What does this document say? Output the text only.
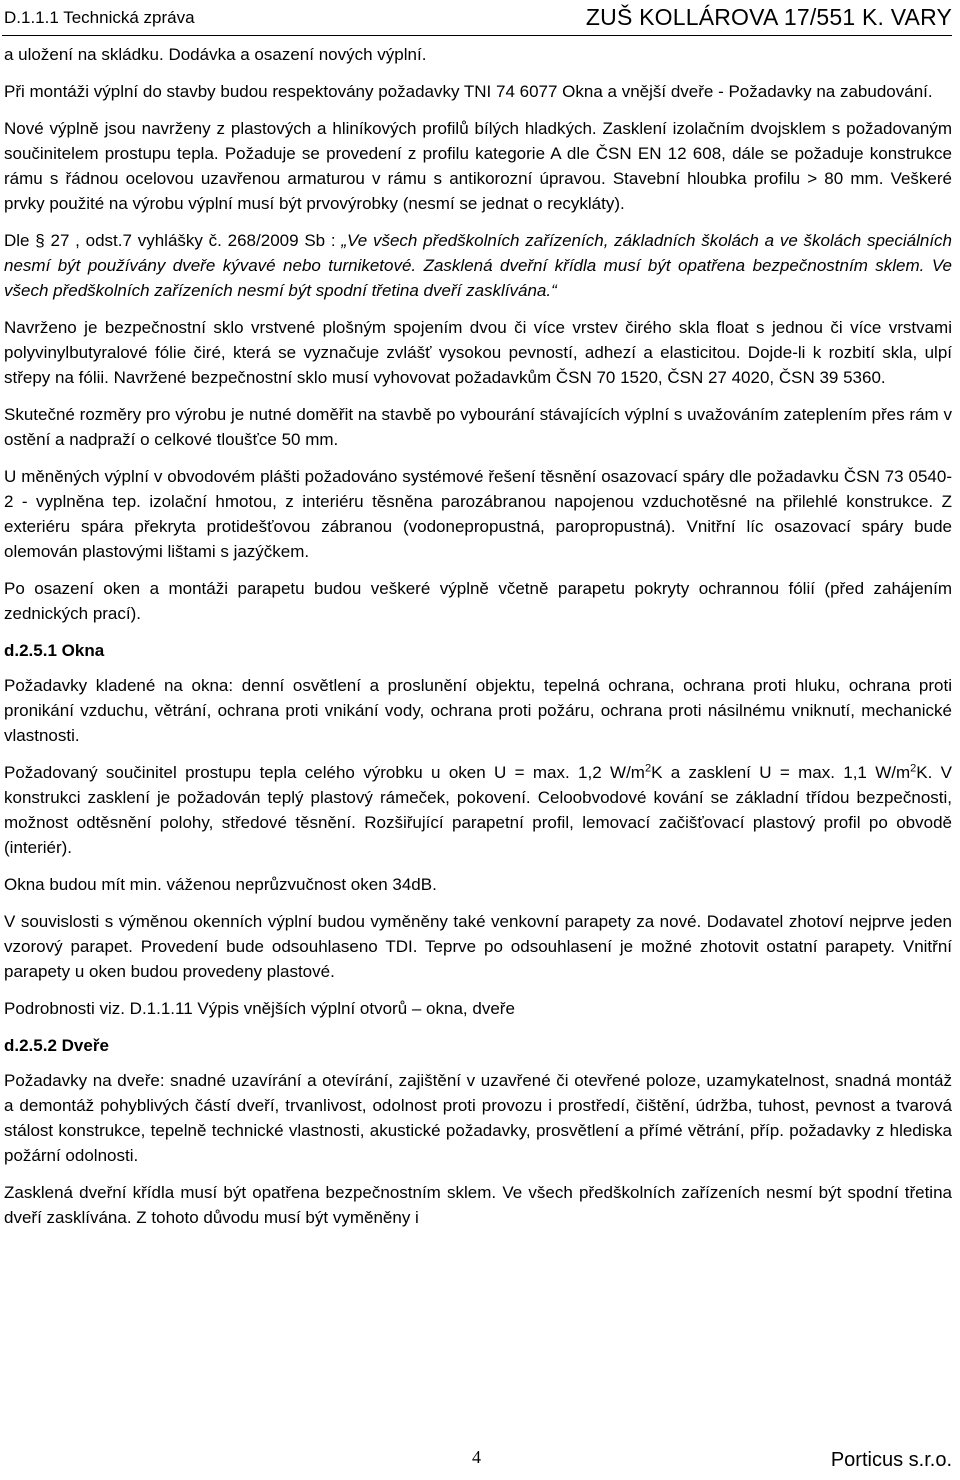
D.1.1.1 Technická zpráva	ZUŠ KOLLÁROVA 17/551 K. VARY

a uložení na skládku. Dodávka a osazení nových výplní.

Při montáži výplní do stavby budou respektovány požadavky TNI 74 6077 Okna a vnější dveře - Požadavky na zabudování.

Nové výplně jsou navrženy z plastových a hliníkových profilů bílých hladkých. Zasklení izolačním dvojsklem s požadovaným součinitelem prostupu tepla. Požaduje se provedení z profilu kategorie A dle ČSN EN 12 608, dále se požaduje konstrukce rámu s řádnou ocelovou uzavřenou armaturou v rámu s antikorozní úpravou. Stavební hloubka profilu > 80 mm. Veškeré prvky použité na výrobu výplní musí být prvovýrobky (nesmí se jednat o recykláty).

Dle § 27 , odst.7 vyhlášky č. 268/2009 Sb : „Ve všech předškolních zařízeních, základních školách a ve školách speciálních nesmí být používány dveře kývavé nebo turniketové. Zasklená dveřní křídla musí být opatřena bezpečnostním sklem. Ve všech předškolních zařízeních nesmí být spodní třetina dveří zasklívána.“

Navrženo je bezpečnostní sklo vrstvené plošným spojením dvou či více vrstev čirého skla float s jednou či více vrstvami polyvinylbutyralové fólie čiré, která se vyznačuje zvlášť vysokou pevností, adhezí a elasticitou. Dojde-li k rozbití skla, ulpí střepy na fólii. Navržené bezpečnostní sklo musí vyhovovat požadavkům ČSN 70 1520, ČSN 27 4020, ČSN 39 5360.

Skutečné rozměry pro výrobu je nutné doměřit na stavbě po vybourání stávajících výplní s uvažováním zateplením přes rám v ostění a nadpraží o celkové tloušťce 50 mm.

U měněných výplní v obvodovém plášti požadováno systémové řešení těsnění osazovací spáry dle požadavku ČSN 73 0540-2 - vyplněna tep. izolační hmotou, z interiéru těsněna parozábranou napojenou vzduchotěsné na přilehlé konstrukce. Z exteriéru spára překryta protidešťovou zábranou (vodonepropustná, paropropustná). Vnitřní líc osazovací spáry bude olemován plastovými lištami s jazýčkem.

Po osazení oken a montáži parapetu budou veškeré výplně včetně parapetu pokryty ochrannou fólií (před zahájením zednických prací).

d.2.5.1 Okna

Požadavky kladené na okna: denní osvětlení a proslunění objektu, tepelná ochrana, ochrana proti hluku, ochrana proti pronikání vzduchu, větrání, ochrana proti vnikání vody, ochrana proti požáru, ochrana proti násilnému vniknutí, mechanické vlastnosti.

Požadovaný součinitel prostupu tepla celého výrobku u oken U = max. 1,2 $W/m^2K$ a zasklení U = max. 1,1 $W/m^2K$. V konstrukci zasklení je požadován teplý plastový rámeček, pokovení. Celoobvodové kování se základní třídou bezpečnosti, možnost odtěsnění polohy, středové těsnění. Rozšiřující parapetní profil, lemovací začišťovací plastový profil po obvodě (interiér).

Okna budou mít min. váženou neprůzvučnost oken 34dB.

V souvislosti s výměnou okenních výplní budou vyměněny také venkovní parapety za nové. Dodavatel zhotoví nejprve jeden vzorový parapet. Provedení bude odsouhlaseno TDI. Teprve po odsouhlasení je možné zhotovit ostatní parapety. Vnitřní parapety u oken budou provedeny plastové.

Podrobnosti viz. D.1.1.11 Výpis vnějších výplní otvorů – okna, dveře

d.2.5.2 Dveře

Požadavky na dveře: snadné uzavírání a otevírání, zajištění v uzavřené či otevřené poloze, uzamykatelnost, snadná montáž a demontáž pohyblivých částí dveří, trvanlivost, odolnost proti provozu i prostředí, čištění, údržba, tuhost, pevnost a tvarová stálost konstrukce, tepelně technické vlastnosti, akustické požadavky, prosvětlení a přímé větrání, příp. požadavky z hlediska požární odolnosti.

Zasklená dveřní křídla musí být opatřena bezpečnostním sklem. Ve všech předškolních zařízeních nesmí být spodní třetina dveří zasklívána. Z tohoto důvodu musí být vyměněny i

4	Porticus s.r.o.
